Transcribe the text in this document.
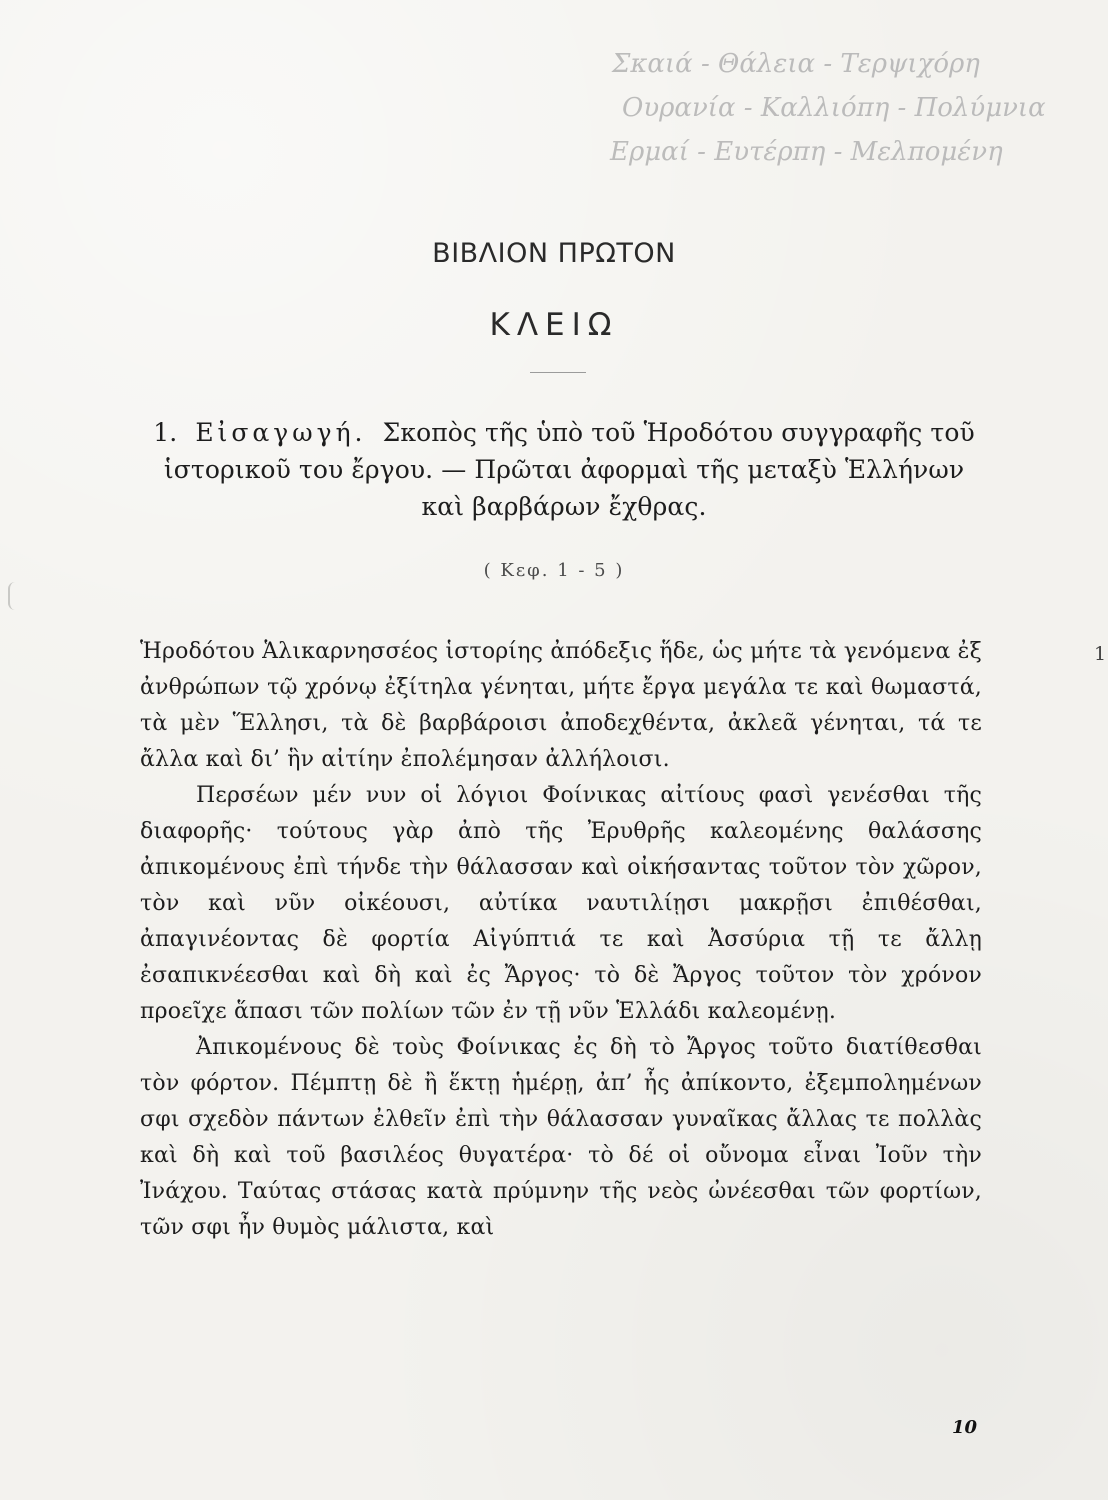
Σκαιά - Θάλεια - Τερψιχόρη
Ουρανία - Καλλιόπη - Πολύμνια
Ερμαί - Ευτέρπη - Μελπομένη
ΒΙΒΛΙΟΝ ΠΡΩΤΟΝ
ΚΛΕΙΩ
1. Εἰσαγωγή. Σκοπὸς τῆς ὑπὸ τοῦ Ἡροδότου συγγραφῆς τοῦ ἱστορικοῦ του ἔργου. — Πρῶται ἀφορμαὶ τῆς μεταξὺ Ἑλλήνων καὶ βαρβάρων ἔχθρας.
( Κεφ. 1 - 5 )
1

Ἡροδότου Ἁλικαρνησσέος ἱστορίης ἀπόδεξις ἥδε, ὡς μήτε τὰ γενόμενα ἐξ ἀνθρώπων τῷ χρόνῳ ἐξίτηλα γένηται, μήτε ἔργα μεγάλα τε καὶ θωμαστά, τὰ μὲν Ἕλλησι, τὰ δὲ βαρβάροισι ἀποδεχθέντα, ἀκλεᾶ γένηται, τά τε ἄλλα καὶ δι’ ἣν αἰτίην ἐπολέμησαν ἀλλήλοισι.

Περσέων μέν νυν οἱ λόγιοι Φοίνικας αἰτίους φασὶ γενέσθαι τῆς διαφορῆς· τούτους γὰρ ἀπὸ τῆς Ἐρυθρῆς καλεομένης θαλάσσης ἀπικομένους ἐπὶ τήνδε τὴν θάλασσαν καὶ οἰκήσαντας τοῦτον τὸν χῶρον, τὸν καὶ νῦν οἰκέουσι, αὐτίκα ναυτιλίῃσι μακρῇσι ἐπιθέσθαι, ἀπαγινέοντας δὲ φορτία Αἰγύπτιά τε καὶ Ἀσσύρια τῇ τε ἄλλῃ ἐσαπικνέεσθαι καὶ δὴ καὶ ἐς Ἄργος· τὸ δὲ Ἄργος τοῦτον τὸν χρόνον προεῖχε ἅπασι τῶν πολίων τῶν ἐν τῇ νῦν Ἑλλάδι καλεομένῃ.

Ἀπικομένους δὲ τοὺς Φοίνικας ἐς δὴ τὸ Ἄργος τοῦτο διατίθεσθαι τὸν φόρτον. Πέμπτῃ δὲ ἢ ἕκτῃ ἡμέρῃ, ἀπ’ ἧς ἀπίκοντο, ἐξεμπολημένων σφι σχεδὸν πάντων ἐλθεῖν ἐπὶ τὴν θάλασσαν γυναῖκας ἄλλας τε πολλὰς καὶ δὴ καὶ τοῦ βασιλέος θυγατέρα· τὸ δέ οἱ οὔνομα εἶναι Ἰοῦν τὴν Ἰνάχου. Ταύτας στάσας κατὰ πρύμνην τῆς νεὸς ὠνέεσθαι τῶν φορτίων, τῶν σφι ἦν θυμὸς μάλιστα, καὶ

10
